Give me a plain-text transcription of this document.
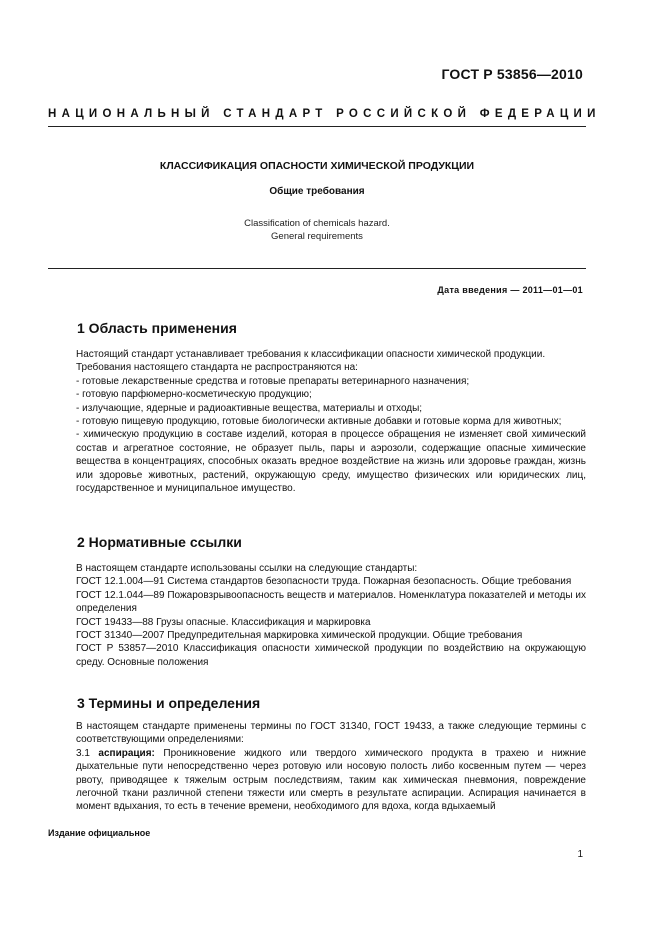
ГОСТ Р 53856—2010
НАЦИОНАЛЬНЫЙ СТАНДАРТ РОССИЙСКОЙ ФЕДЕРАЦИИ
КЛАССИФИКАЦИЯ ОПАСНОСТИ ХИМИЧЕСКОЙ ПРОДУКЦИИ
Общие требования
Classification of chemicals hazard.
General requirements
Дата введения — 2011—01—01
1 Область применения
Настоящий стандарт устанавливает требования к классификации опасности химической продукции.
Требования настоящего стандарта не распространяются на:
- готовые лекарственные средства и готовые препараты ветеринарного назначения;
- готовую парфюмерно-косметическую продукцию;
- излучающие, ядерные и радиоактивные вещества, материалы и отходы;
- готовую пищевую продукцию, готовые биологически активные добавки и готовые корма для животных;
- химическую продукцию в составе изделий, которая в процессе обращения не изменяет свой химический состав и агрегатное состояние, не образует пыль, пары и аэрозоли, содержащие опасные химические вещества в концентрациях, способных оказать вредное воздействие на жизнь или здоровье граждан, жизнь или здоровье животных, растений, окружающую среду, имущество физических или юридических лиц, государственное и муниципальное имущество.
2 Нормативные ссылки
В настоящем стандарте использованы ссылки на следующие стандарты:
ГОСТ 12.1.004—91 Система стандартов безопасности труда. Пожарная безопасность. Общие требования
ГОСТ 12.1.044—89 Пожаровзрывоопасность веществ и материалов. Номенклатура показателей и методы их определения
ГОСТ 19433—88 Грузы опасные. Классификация и маркировка
ГОСТ 31340—2007 Предупредительная маркировка химической продукции. Общие требования
ГОСТ Р 53857—2010 Классификация опасности химической продукции по воздействию на окружающую среду. Основные положения
3 Термины и определения
В настоящем стандарте применены термины по ГОСТ 31340, ГОСТ 19433, а также следующие термины с соответствующими определениями:
3.1 аспирация: Проникновение жидкого или твердого химического продукта в трахею и нижние дыхательные пути непосредственно через ротовую или носовую полость либо косвенным путем — через рвоту, приводящее к тяжелым острым последствиям, таким как химическая пневмония, повреждение легочной ткани различной степени тяжести или смерть в результате аспирации. Аспирация начинается в момент вдыхания, то есть в течение времени, необходимого для вдоха, когда вдыхаемый
Издание официальное
1
